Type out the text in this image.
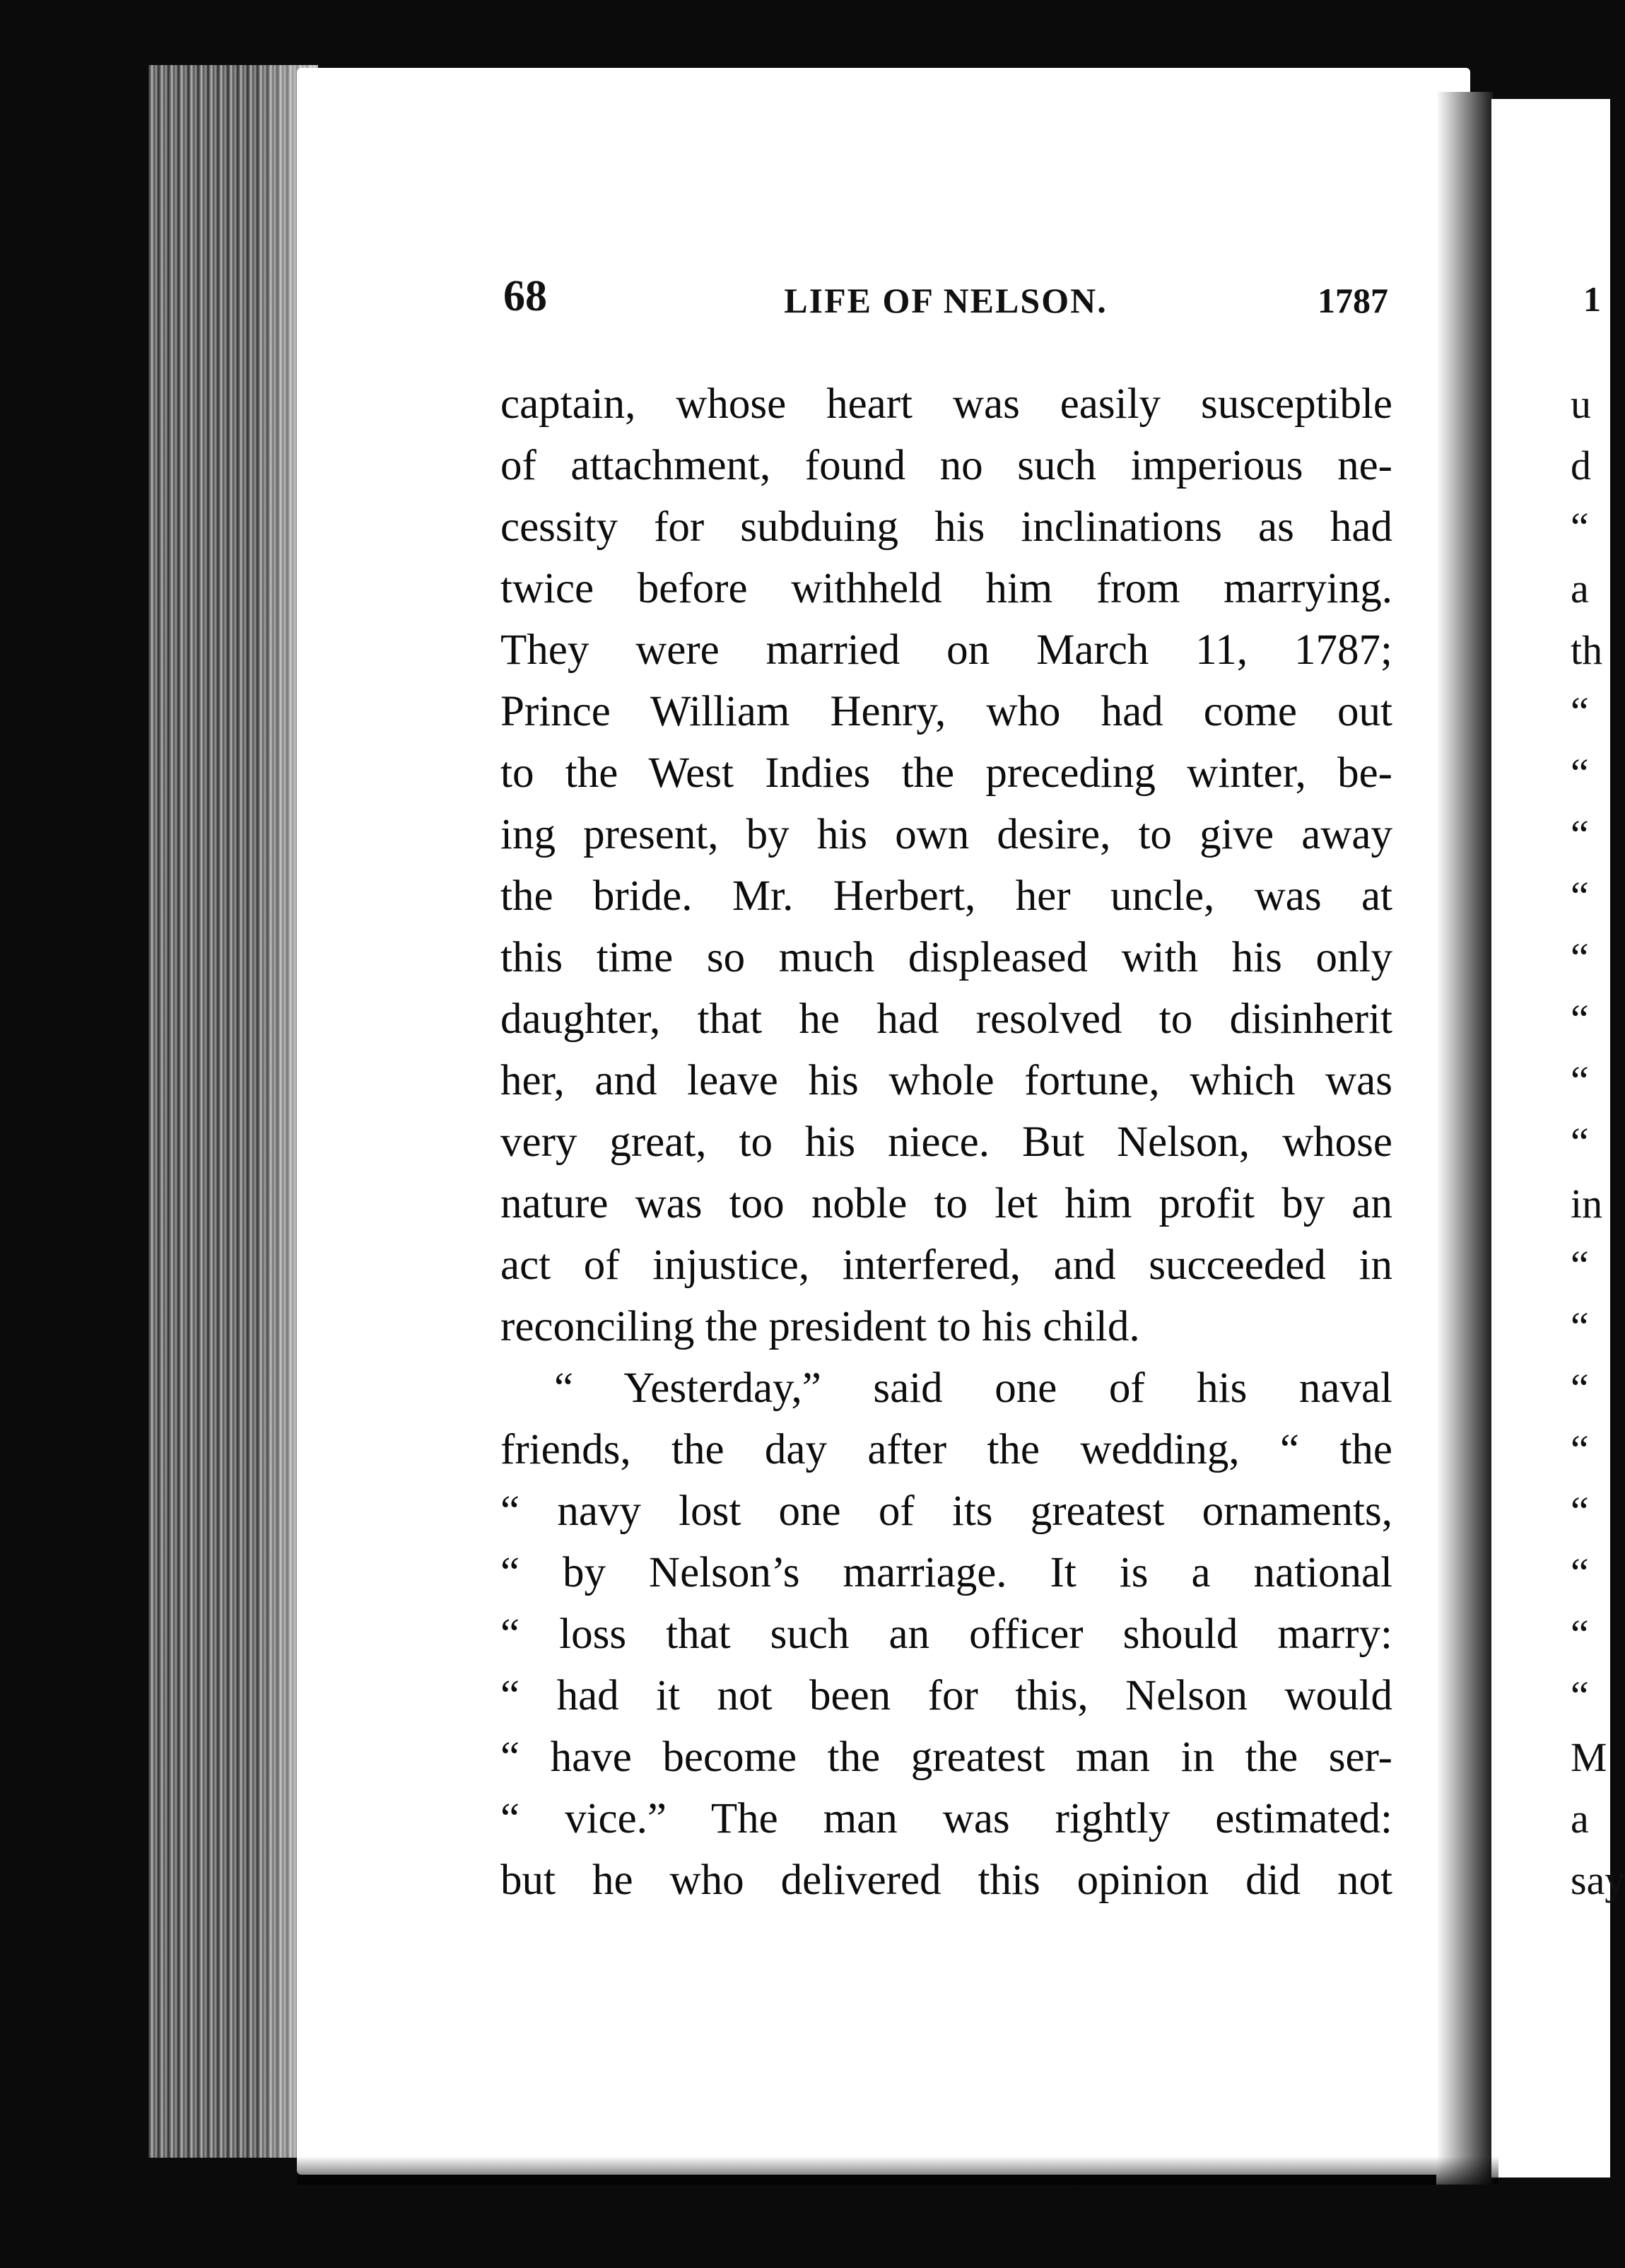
68	LIFE OF NELSON.	1787
captain, whose heart was easily susceptible
of attachment, found no such imperious ne-
cessity for subduing his inclinations as had
twice before withheld him from marrying.
They were married on March 11, 1787;
Prince William Henry, who had come out
to the West Indies the preceding winter, be-
ing present, by his own desire, to give away
the bride. Mr. Herbert, her uncle, was at
this time so much displeased with his only
daughter, that he had resolved to disinherit
her, and leave his whole fortune, which was
very great, to his niece. But Nelson, whose
nature was too noble to let him profit by an
act of injustice, interfered, and succeeded in
reconciling the president to his child.
“ Yesterday,” said one of his naval
friends, the day after the wedding, “ the
“ navy lost one of its greatest ornaments,
“ by Nelson’s marriage. It is a national
“ loss that such an officer should marry:
“ had it not been for this, Nelson would
“ have become the greatest man in the ser-
“ vice.” The man was rightly estimated:
but he who delivered this opinion did not
1
u
d
“
a
th
“
“
“
“
“
“
“
“
in
“
“
“
“
“
“
“
“
M
a
say
